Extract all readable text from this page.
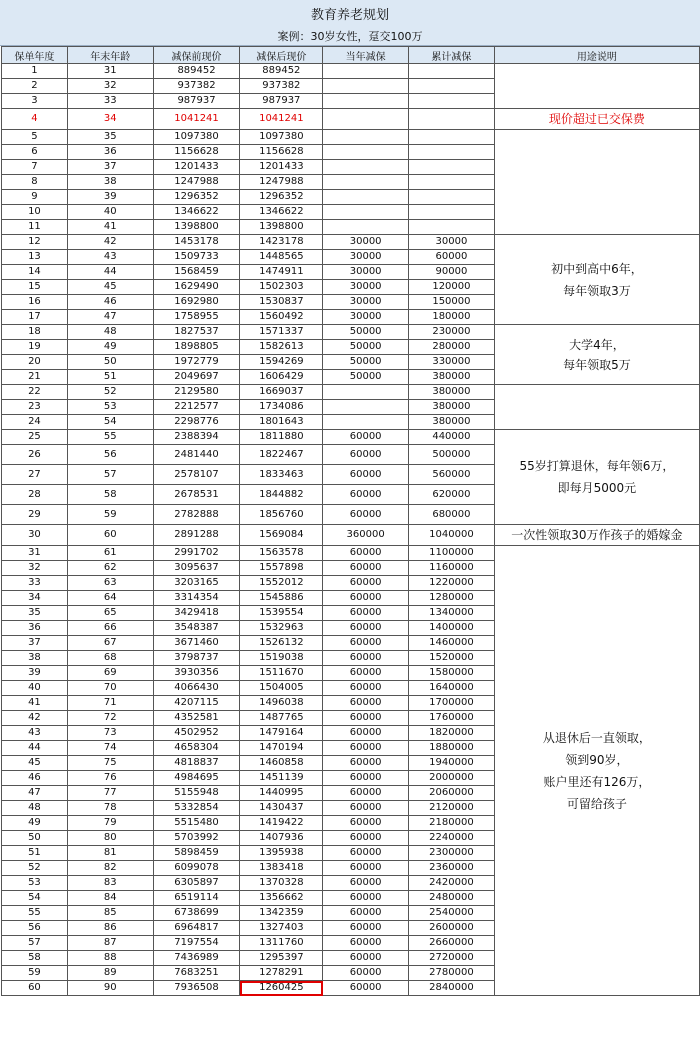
教育养老规划
案例：30岁女性，趸交100万
保单年度	年末年龄	减保前现价	减保后现价	当年减保	累计减保	用途说明
1	31	889452	889452			
2	32	937382	937382			
3	33	987937	987937			
4	34	1041241	1041241			现价超过已交保费
5	35	1097380	1097380			
6	36	1156628	1156628			
7	37	1201433	1201433			
8	38	1247988	1247988			
9	39	1296352	1296352			
10	40	1346622	1346622			
11	41	1398800	1398800			
12	42	1453178	1423178	30000	30000	初中到高中6年，
每年领取3万
13	43	1509733	1448565	30000	60000	
14	44	1568459	1474911	30000	90000	
15	45	1629490	1502303	30000	120000	
16	46	1692980	1530837	30000	150000	
17	47	1758955	1560492	30000	180000	
18	48	1827537	1571337	50000	230000	大学4年，
每年领取5万
19	49	1898805	1582613	50000	280000	
20	50	1972779	1594269	50000	330000	
21	51	2049697	1606429	50000	380000	
22	52	2129580	1669037		380000	
23	53	2212577	1734086		380000	
24	54	2298776	1801643		380000	
25	55	2388394	1811880	60000	440000	55岁打算退休，每年领6万，
即每月5000元
26	56	2481440	1822467	60000	500000	
27	57	2578107	1833463	60000	560000	
28	58	2678531	1844882	60000	620000	
29	59	2782888	1856760	60000	680000	
30	60	2891288	1569084	360000	1040000	一次性领取30万作孩子的婚嫁金
31	61	2991702	1563578	60000	1100000	从退休后一直领取，
领到90岁，
账户里还有126万，
可留给孩子
32	62	3095637	1557898	60000	1160000	
33	63	3203165	1552012	60000	1220000	
34	64	3314354	1545886	60000	1280000	
35	65	3429418	1539554	60000	1340000	
36	66	3548387	1532963	60000	1400000	
37	67	3671460	1526132	60000	1460000	
38	68	3798737	1519038	60000	1520000	
39	69	3930356	1511670	60000	1580000	
40	70	4066430	1504005	60000	1640000	
41	71	4207115	1496038	60000	1700000	
42	72	4352581	1487765	60000	1760000	
43	73	4502952	1479164	60000	1820000	
44	74	4658304	1470194	60000	1880000	
45	75	4818837	1460858	60000	1940000	
46	76	4984695	1451139	60000	2000000	
47	77	5155948	1440995	60000	2060000	
48	78	5332854	1430437	60000	2120000	
49	79	5515480	1419422	60000	2180000	
50	80	5703992	1407936	60000	2240000	
51	81	5898459	1395938	60000	2300000	
52	82	6099078	1383418	60000	2360000	
53	83	6305897	1370328	60000	2420000	
54	84	6519114	1356662	60000	2480000	
55	85	6738699	1342359	60000	2540000	
56	86	6964817	1327403	60000	2600000	
57	87	7197554	1311760	60000	2660000	
58	88	7436989	1295397	60000	2720000	
59	89	7683251	1278291	60000	2780000	
60	90	7936508	1260425	60000	2840000	
